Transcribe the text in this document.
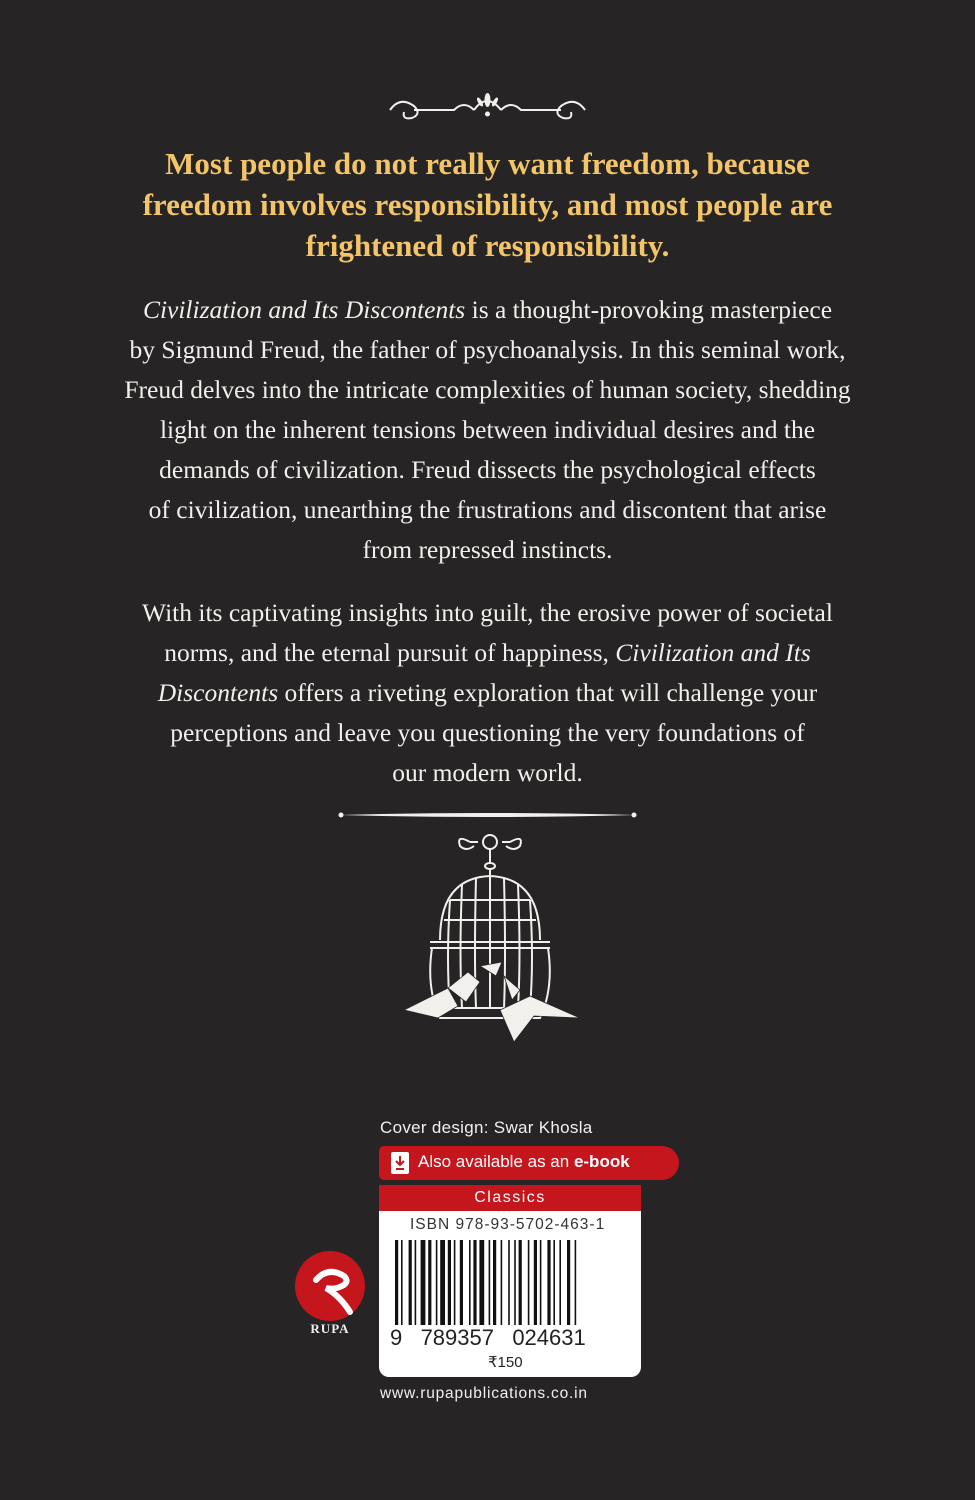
Most people do not really want freedom, because
freedom involves responsibility, and most people are
frightened of responsibility.
Civilization and Its Discontents is a thought-provoking masterpiece
by Sigmund Freud, the father of psychoanalysis. In this seminal work,
Freud delves into the intricate complexities of human society, shedding
light on the inherent tensions between individual desires and the
demands of civilization. Freud dissects the psychological effects
of civilization, unearthing the frustrations and discontent that arise
from repressed instincts.
With its captivating insights into guilt, the erosive power of societal
norms, and the eternal pursuit of happiness, Civilization and Its
Discontents offers a riveting exploration that will challenge your
perceptions and leave you questioning the very foundations of
our modern world.
Cover design: Swar Khosla
Also available as an e-book
Classics
ISBN 978-93-5702-463-1
9   789357   024631
₹150
RUPA
www.rupapublications.co.in
